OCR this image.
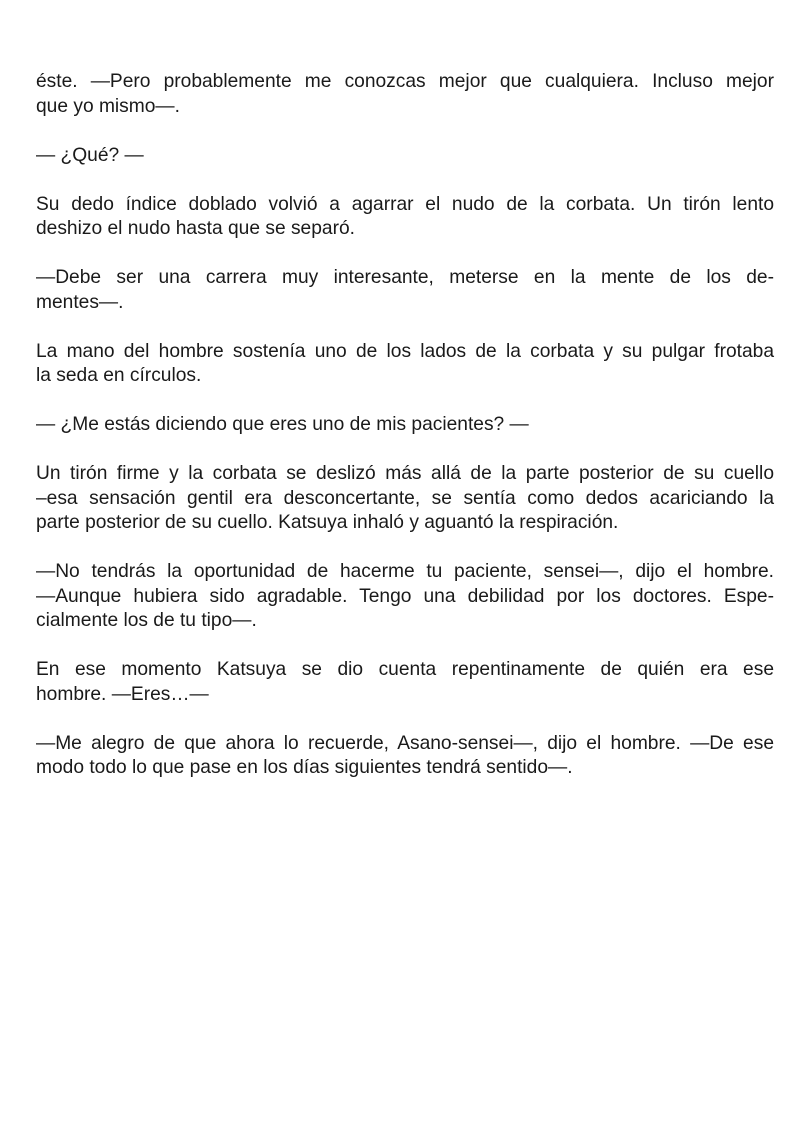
éste. —Pero probablemente me conozcas mejor que cualquiera. Incluso mejor
que yo mismo—.
— ¿Qué? —
Su dedo índice doblado volvió a agarrar el nudo de la corbata. Un tirón lento
deshizo el nudo hasta que se separó.
—Debe ser una carrera muy interesante, meterse en la mente de los de-
mentes—.
La mano del hombre sostenía uno de los lados de la corbata y su pulgar frotaba
la seda en círculos.
— ¿Me estás diciendo que eres uno de mis pacientes? —
Un tirón firme y la corbata se deslizó más allá de la parte posterior de su cuello
–esa sensación gentil era desconcertante, se sentía como dedos acariciando la
parte posterior de su cuello. Katsuya inhaló y aguantó la respiración.
—No tendrás la oportunidad de hacerme tu paciente, sensei—, dijo el hombre.
—Aunque hubiera sido agradable. Tengo una debilidad por los doctores. Espe-
cialmente los de tu tipo—.
En ese momento Katsuya se dio cuenta repentinamente de quién era ese
hombre. —Eres…—
—Me alegro de que ahora lo recuerde, Asano-sensei—, dijo el hombre. —De ese
modo todo lo que pase en los días siguientes tendrá sentido—.
